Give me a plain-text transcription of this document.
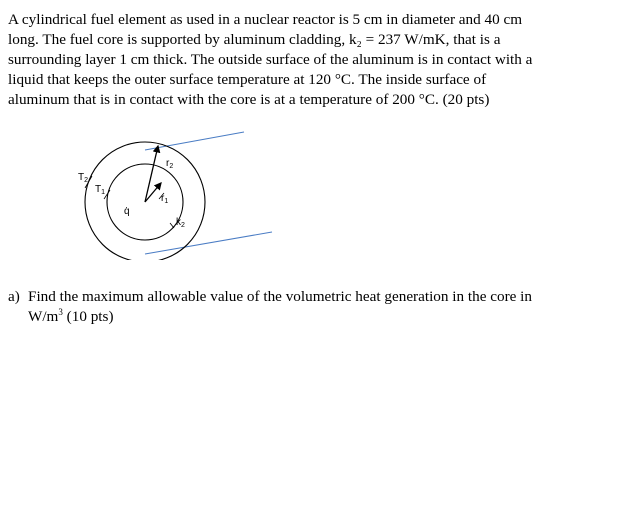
A cylindrical fuel element as used in a nuclear reactor is 5 cm in diameter and 40 cm
long. The fuel core is supported by aluminum cladding, k₂ = 237 W/mK, that is a
surrounding layer 1 cm thick. The outside surface of the aluminum is in contact with a
liquid that keeps the outer surface temperature at 120 °C. The inside surface of
aluminum that is in contact with the core is at a temperature of 200 °C. (20 pts)
$T_2$
$T_1$
$r_2$
$r_1$
$k_2$
q̇
a) Find the maximum allowable value of the volumetric heat generation in the core in
$W/m^3$ (10 pts)
